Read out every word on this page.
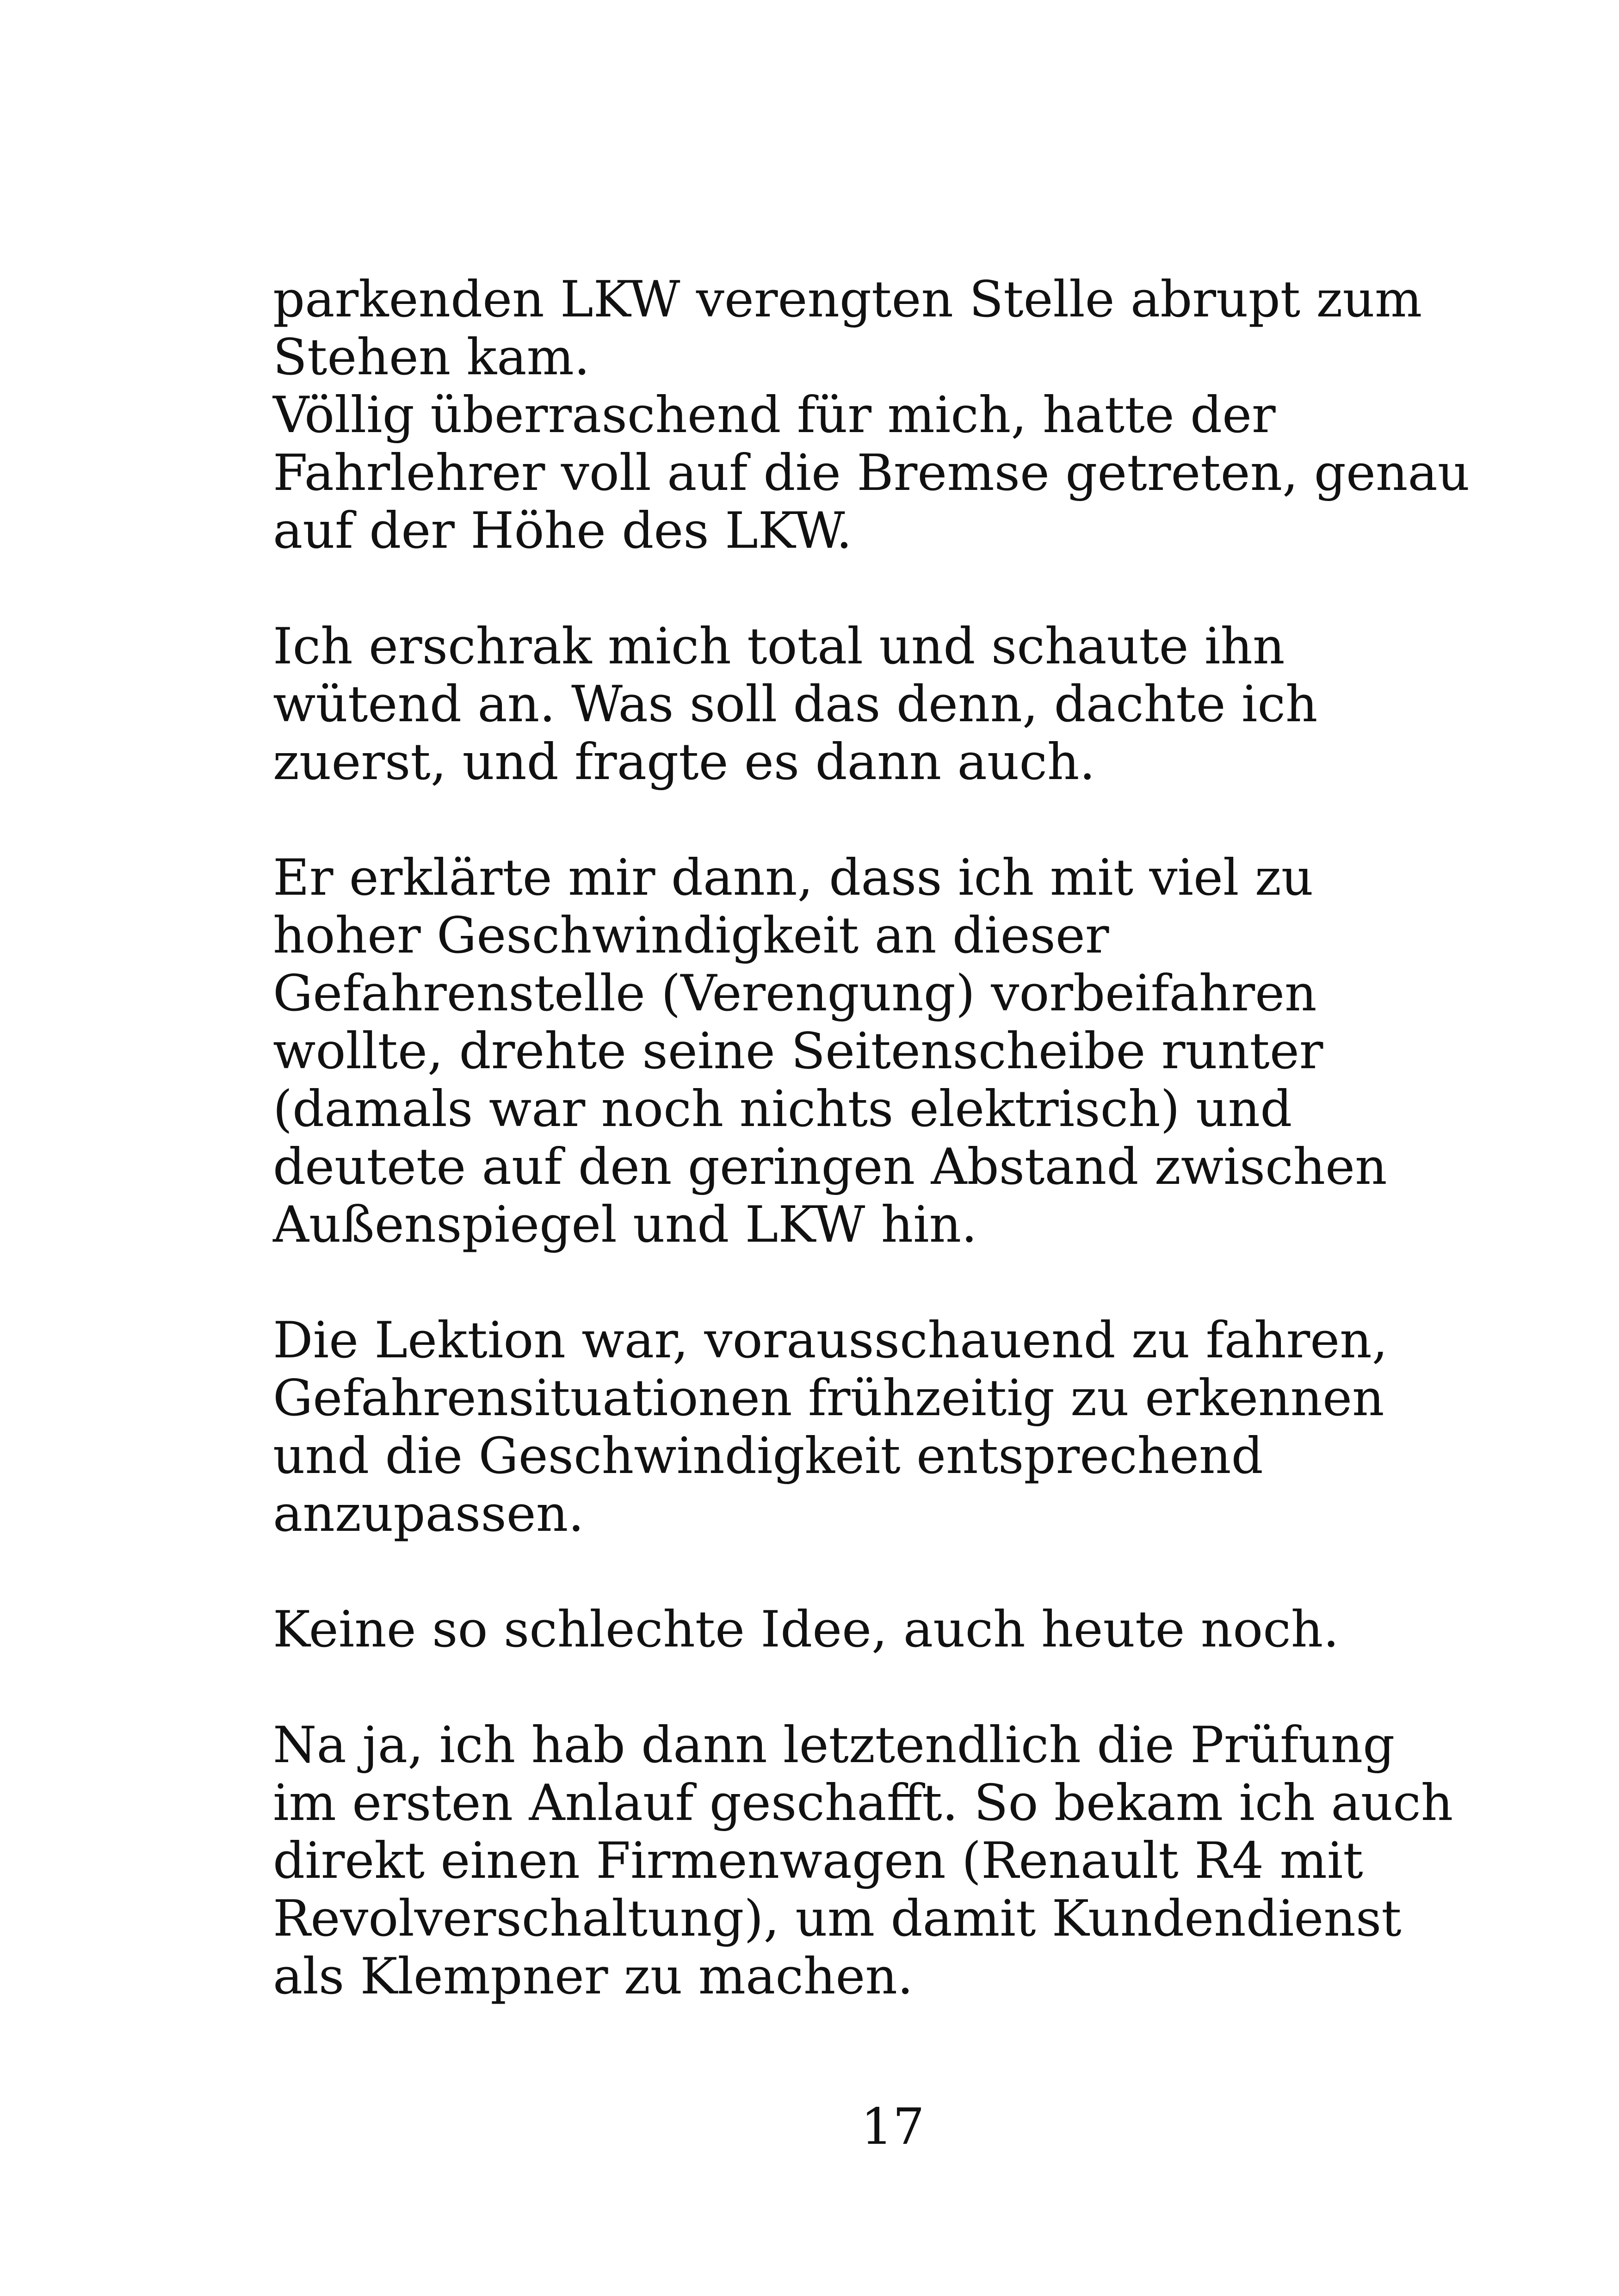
parkenden LKW verengten Stelle abrupt zum
Stehen kam.
Völlig überraschend für mich, hatte der
Fahrlehrer voll auf die Bremse getreten, genau
auf der Höhe des LKW.

Ich erschrak mich total und schaute ihn
wütend an. Was soll das denn, dachte ich
zuerst, und fragte es dann auch.

Er erklärte mir dann, dass ich mit viel zu
hoher Geschwindigkeit an dieser
Gefahrenstelle (Verengung) vorbeifahren
wollte, drehte seine Seitenscheibe runter
(damals war noch nichts elektrisch) und
deutete auf den geringen Abstand zwischen
Außenspiegel und LKW hin.

Die Lektion war, vorausschauend zu fahren,
Gefahrensituationen frühzeitig zu erkennen
und die Geschwindigkeit entsprechend
anzupassen.

Keine so schlechte Idee, auch heute noch.

Na ja, ich hab dann letztendlich die Prüfung
im ersten Anlauf geschafft. So bekam ich auch
direkt einen Firmenwagen (Renault R4 mit
Revolverschaltung), um damit Kundendienst
als Klempner zu machen.

17
